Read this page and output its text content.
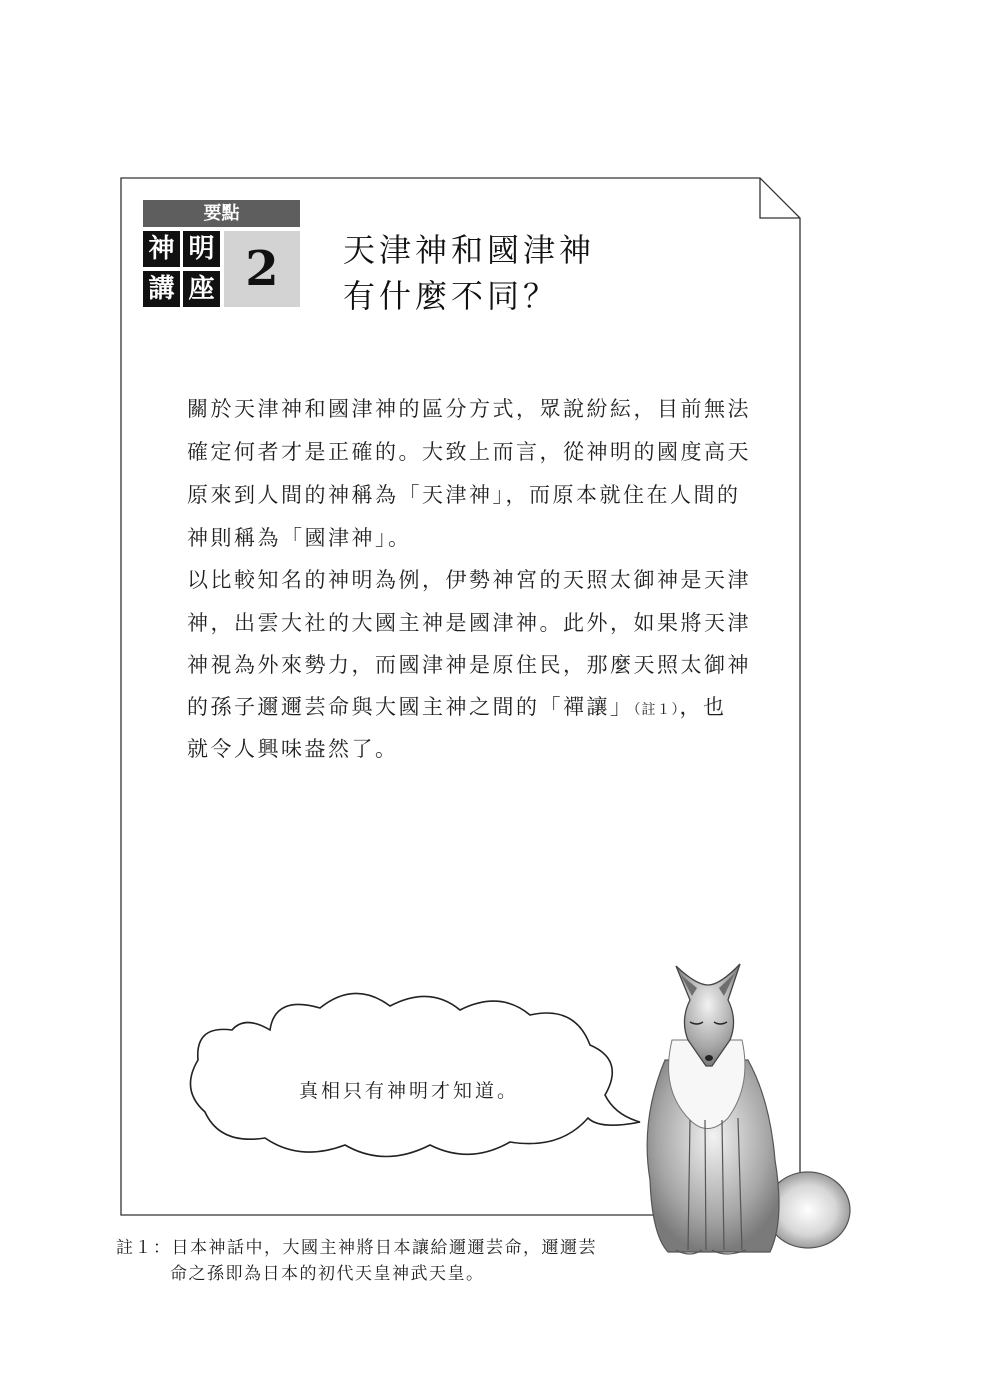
要點
神 明
講 座 2	天津神和國津神
有什麼不同？
關於天津神和國津神的區分方式，眾說紛紜，目前無法
確定何者才是正確的。大致上而言，從神明的國度高天
原來到人間的神稱為「天津神」，而原本就住在人間的
神則稱為「國津神」。
以比較知名的神明為例，伊勢神宮的天照太御神是天津
神，出雲大社的大國主神是國津神。此外，如果將天津
神視為外來勢力，而國津神是原住民，那麼天照太御神
的孫子邇邇芸命與大國主神之間的「禪讓」（註１），也
就令人興味盎然了。
真相只有神明才知道。
註１：日本神話中，大國主神將日本讓給邇邇芸命，邇邇芸
命之孫即為日本的初代天皇神武天皇。
